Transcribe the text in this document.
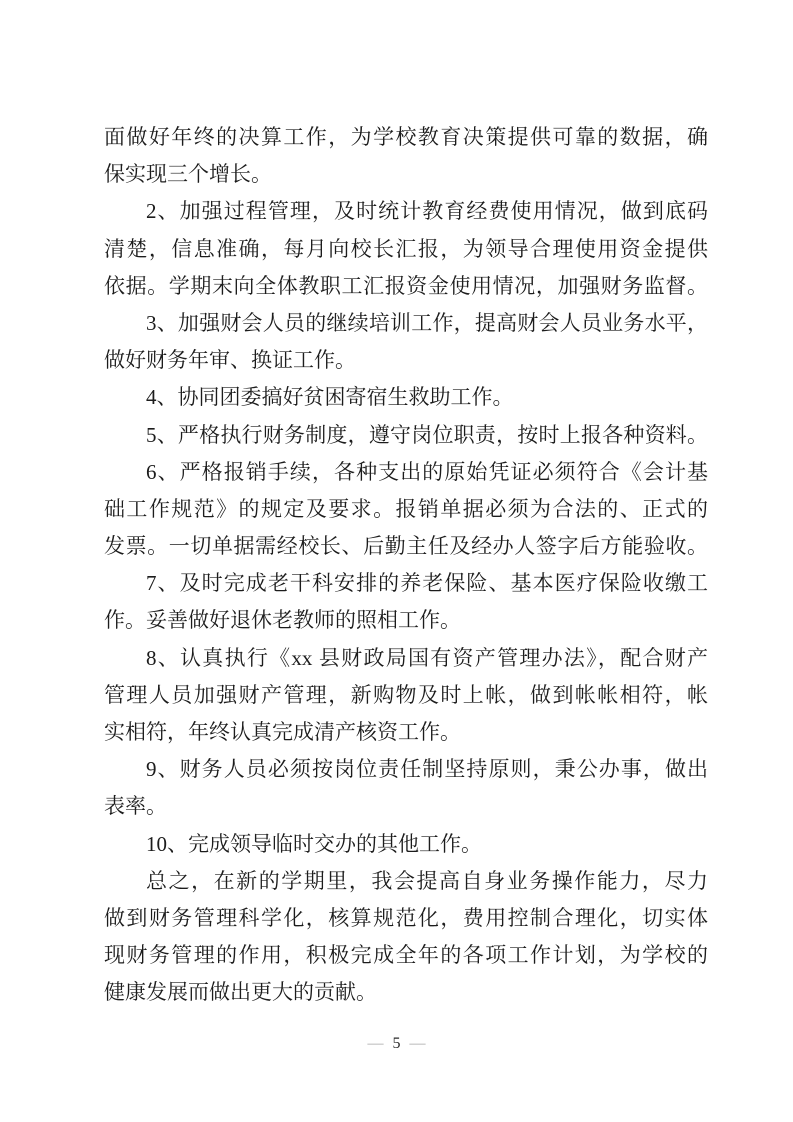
面做好年终的决算工作，为学校教育决策提供可靠的数据，确
保实现三个增长。
2、加强过程管理，及时统计教育经费使用情况，做到底码
清楚，信息准确，每月向校长汇报，为领导合理使用资金提供
依据。学期末向全体教职工汇报资金使用情况，加强财务监督。
3、加强财会人员的继续培训工作，提高财会人员业务水平，
做好财务年审、换证工作。
4、协同团委搞好贫困寄宿生救助工作。
5、严格执行财务制度，遵守岗位职责，按时上报各种资料。
6、严格报销手续，各种支出的原始凭证必须符合《会计基
础工作规范》的规定及要求。报销单据必须为合法的、正式的
发票。一切单据需经校长、后勤主任及经办人签字后方能验收。
7、及时完成老干科安排的养老保险、基本医疗保险收缴工
作。妥善做好退休老教师的照相工作。
8、认真执行《xx 县财政局国有资产管理办法》，配合财产
管理人员加强财产管理，新购物及时上帐，做到帐帐相符，帐
实相符，年终认真完成清产核资工作。
9、财务人员必须按岗位责任制坚持原则，秉公办事，做出
表率。
10、完成领导临时交办的其他工作。
总之，在新的学期里，我会提高自身业务操作能力，尽力
做到财务管理科学化，核算规范化，费用控制合理化，切实体
现财务管理的作用，积极完成全年的各项工作计划，为学校的
健康发展而做出更大的贡献。
— 5 —
